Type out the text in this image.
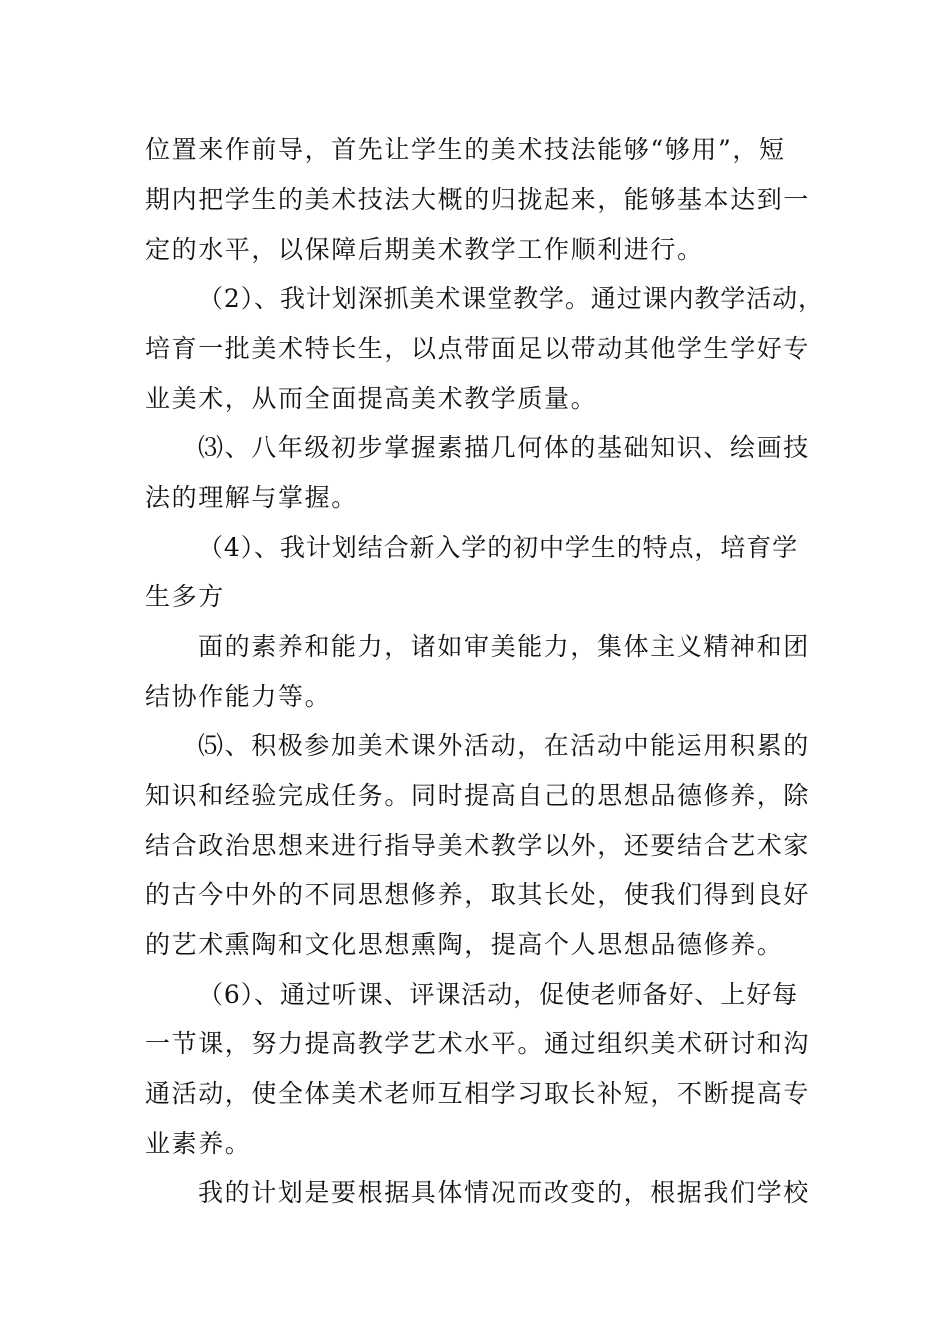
位置来作前导，首先让学生的美术技法能够“够用”，短
期内把学生的美术技法大概的归拢起来，能够基本达到一
定的水平，以保障后期美术教学工作顺利进行。
（2）、我计划深抓美术课堂教学。通过课内教学活动，
培育一批美术特长生，以点带面足以带动其他学生学好专
业美术，从而全面提高美术教学质量。
⑶、八年级初步掌握素描几何体的基础知识、绘画技
法的理解与掌握。
（4）、我计划结合新入学的初中学生的特点，培育学
生多方
面的素养和能力，诸如审美能力，集体主义精神和团
结协作能力等。
⑸、积极参加美术课外活动，在活动中能运用积累的
知识和经验完成任务。同时提高自己的思想品德修养，除
结合政治思想来进行指导美术教学以外，还要结合艺术家
的古今中外的不同思想修养，取其长处，使我们得到良好
的艺术熏陶和文化思想熏陶，提高个人思想品德修养。
（6）、通过听课、评课活动，促使老师备好、上好每
一节课，努力提高教学艺术水平。通过组织美术研讨和沟
通活动，使全体美术老师互相学习取长补短，不断提高专
业素养。
我的计划是要根据具体情况而改变的，根据我们学校
